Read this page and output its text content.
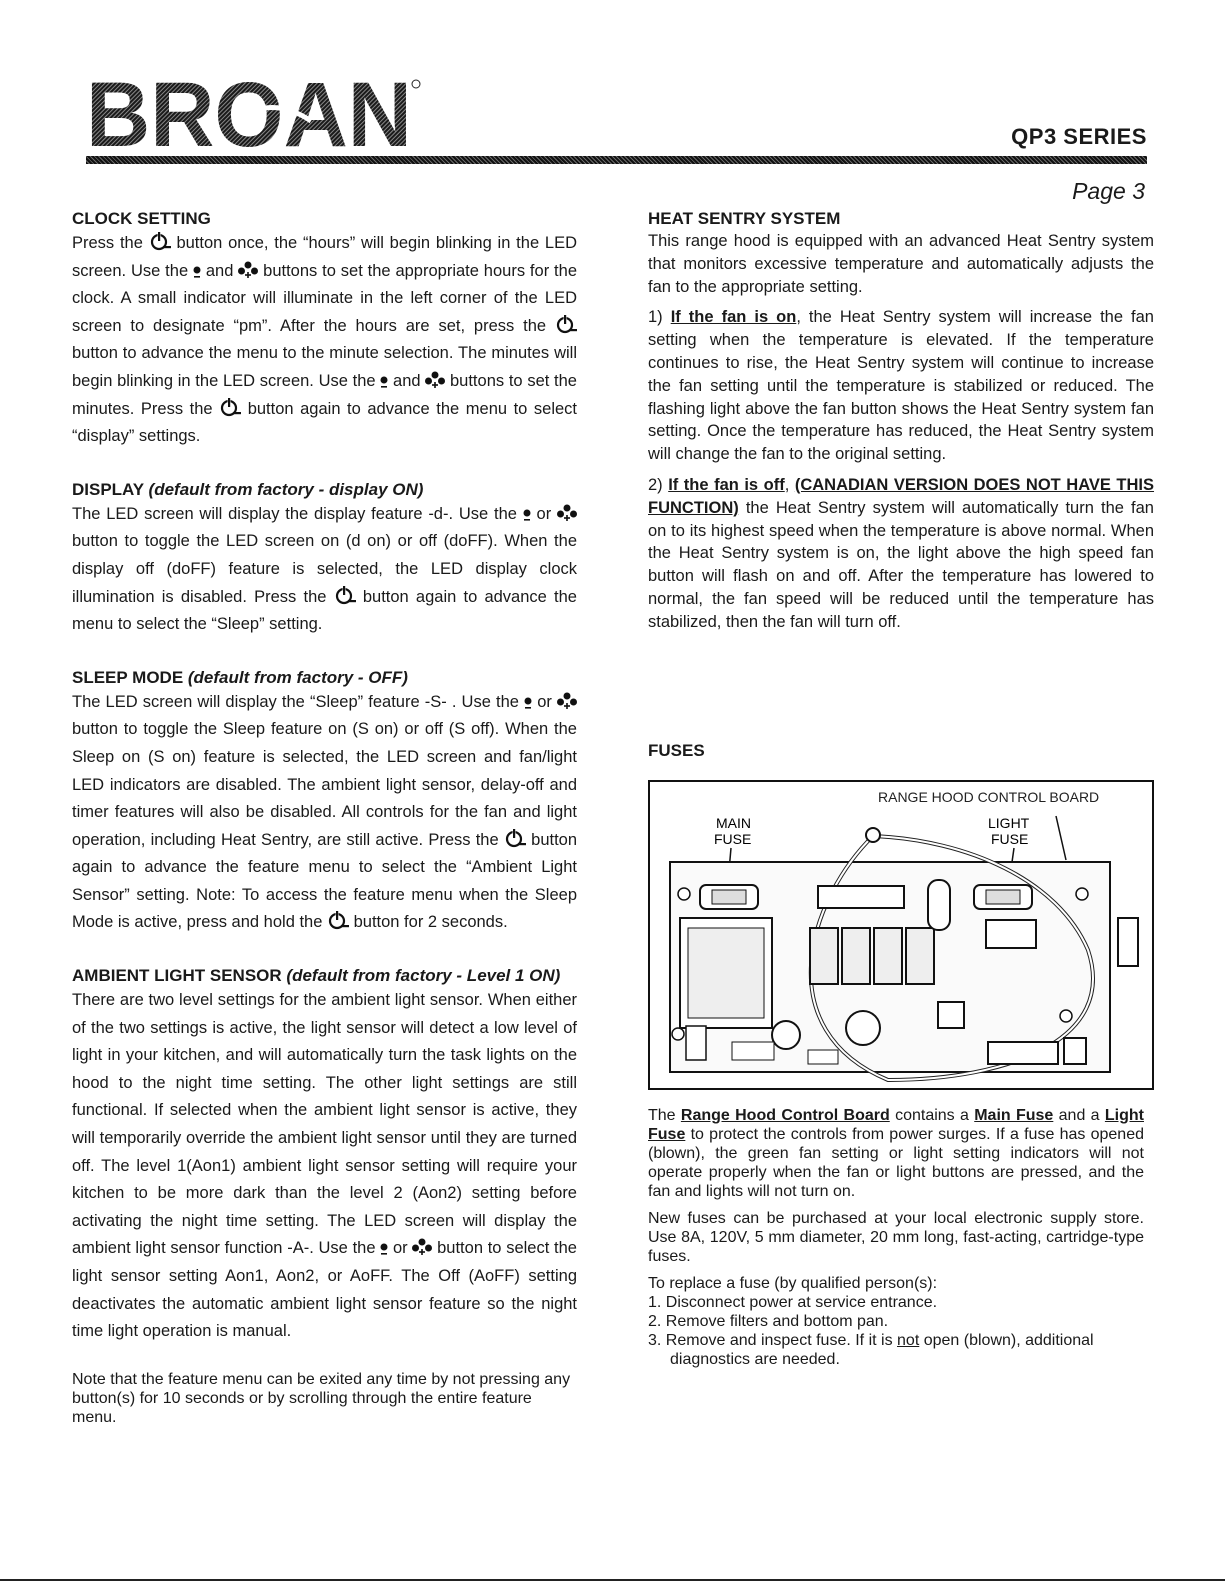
BROAN	QP3 SERIES
Page 3
CLOCK SETTING

Press the button once, the “hours” will begin blinking in the LED screen. Use the and buttons to set the appropriate hours for the clock. A small indicator will illuminate in the left corner of the LED screen to designate “pm”. After the hours are set, press the  button to advance the menu to the minute selection. The minutes will begin blinking in the LED screen. Use the and buttons to set the minutes. Press the button again to advance the menu to select “display” settings.

DISPLAY (default from factory - display ON)

The LED screen will display the display feature -d-. Use the or  button to toggle the LED screen on (d on) or off (doFF). When the display off (doFF) feature is selected, the LED display clock illumination is disabled. Press the button again to advance the menu to select the “Sleep” setting.

SLEEP MODE (default from factory - OFF)

The LED screen will display the “Sleep” feature -S- . Use the or  button to toggle the Sleep feature on (S on) or off (S off). When the Sleep on (S on) feature is selected, the LED screen and fan/light LED indicators are disabled. The ambient light sensor, delay-off and timer features will also be disabled. All controls for the fan and light operation, including Heat Sentry, are still active. Press the button again to advance the feature menu to select the “Ambient Light Sensor” setting. Note: To access the feature menu when the Sleep Mode is active, press and hold the button for 2 seconds.

AMBIENT LIGHT SENSOR (default from factory - Level 1 ON)

There are two level settings for the ambient light sensor. When either of the two settings is active, the light sensor will detect a low level of light in your kitchen, and will automatically turn the task lights on the hood to the night time setting. The other light settings are still functional. If selected when the ambient light sensor is active, they will temporarily override the ambient light sensor until they are turned off. The level 1(Aon1) ambient light sensor setting will require your kitchen to be more dark than the level 2 (Aon2) setting before activating the night time setting. The LED screen will display the ambient light sensor function -A-. Use the or button to select the light sensor setting Aon1, Aon2, or AoFF. The Off (AoFF) setting deactivates the automatic ambient light sensor feature so the night time light operation is manual.

Note that the feature menu can be exited any time by not pressing any button(s) for 10 seconds or by scrolling through the entire feature menu.

HEAT SENTRY SYSTEM

This range hood is equipped with an advanced Heat Sentry system that monitors excessive temperature and automatically adjusts the fan to the appropriate setting.

1) If the fan is on, the Heat Sentry system will increase the fan setting when the temperature is elevated. If the temperature continues to rise, the Heat Sentry system will continue to increase the fan setting until the temperature is stabilized or reduced. The flashing light above the fan button shows the Heat Sentry system fan setting. Once the temperature has reduced, the Heat Sentry system will change the fan to the original setting.

2) If the fan is off, (CANADIAN VERSION DOES NOT HAVE THIS FUNCTION) the Heat Sentry system will automatically turn the fan on to its highest speed when the temperature is above normal. When the Heat Sentry system is on, the light above the high speed fan button will flash on and off. After the temperature has lowered to normal, the fan speed will be reduced until the temperature has stabilized, then the fan will turn off.

FUSES
RANGE HOOD CONTROL BOARD
MAIN
FUSE
LIGHT
FUSE

The Range Hood Control Board contains a Main Fuse and a Light Fuse to protect the controls from power surges. If a fuse has opened (blown), the green fan setting or light setting indicators will not operate properly when the fan or light buttons are pressed, and the fan and lights will not turn on.

New fuses can be purchased at your local electronic supply store. Use 8A, 120V, 5 mm diameter, 20 mm long, fast-acting, cartridge-type fuses.

To replace a fuse (by qualified person(s):

1. Disconnect power at service entrance.
2. Remove filters and bottom pan.
3. Remove and inspect fuse. If it is not open (blown), additional diagnostics are needed.
